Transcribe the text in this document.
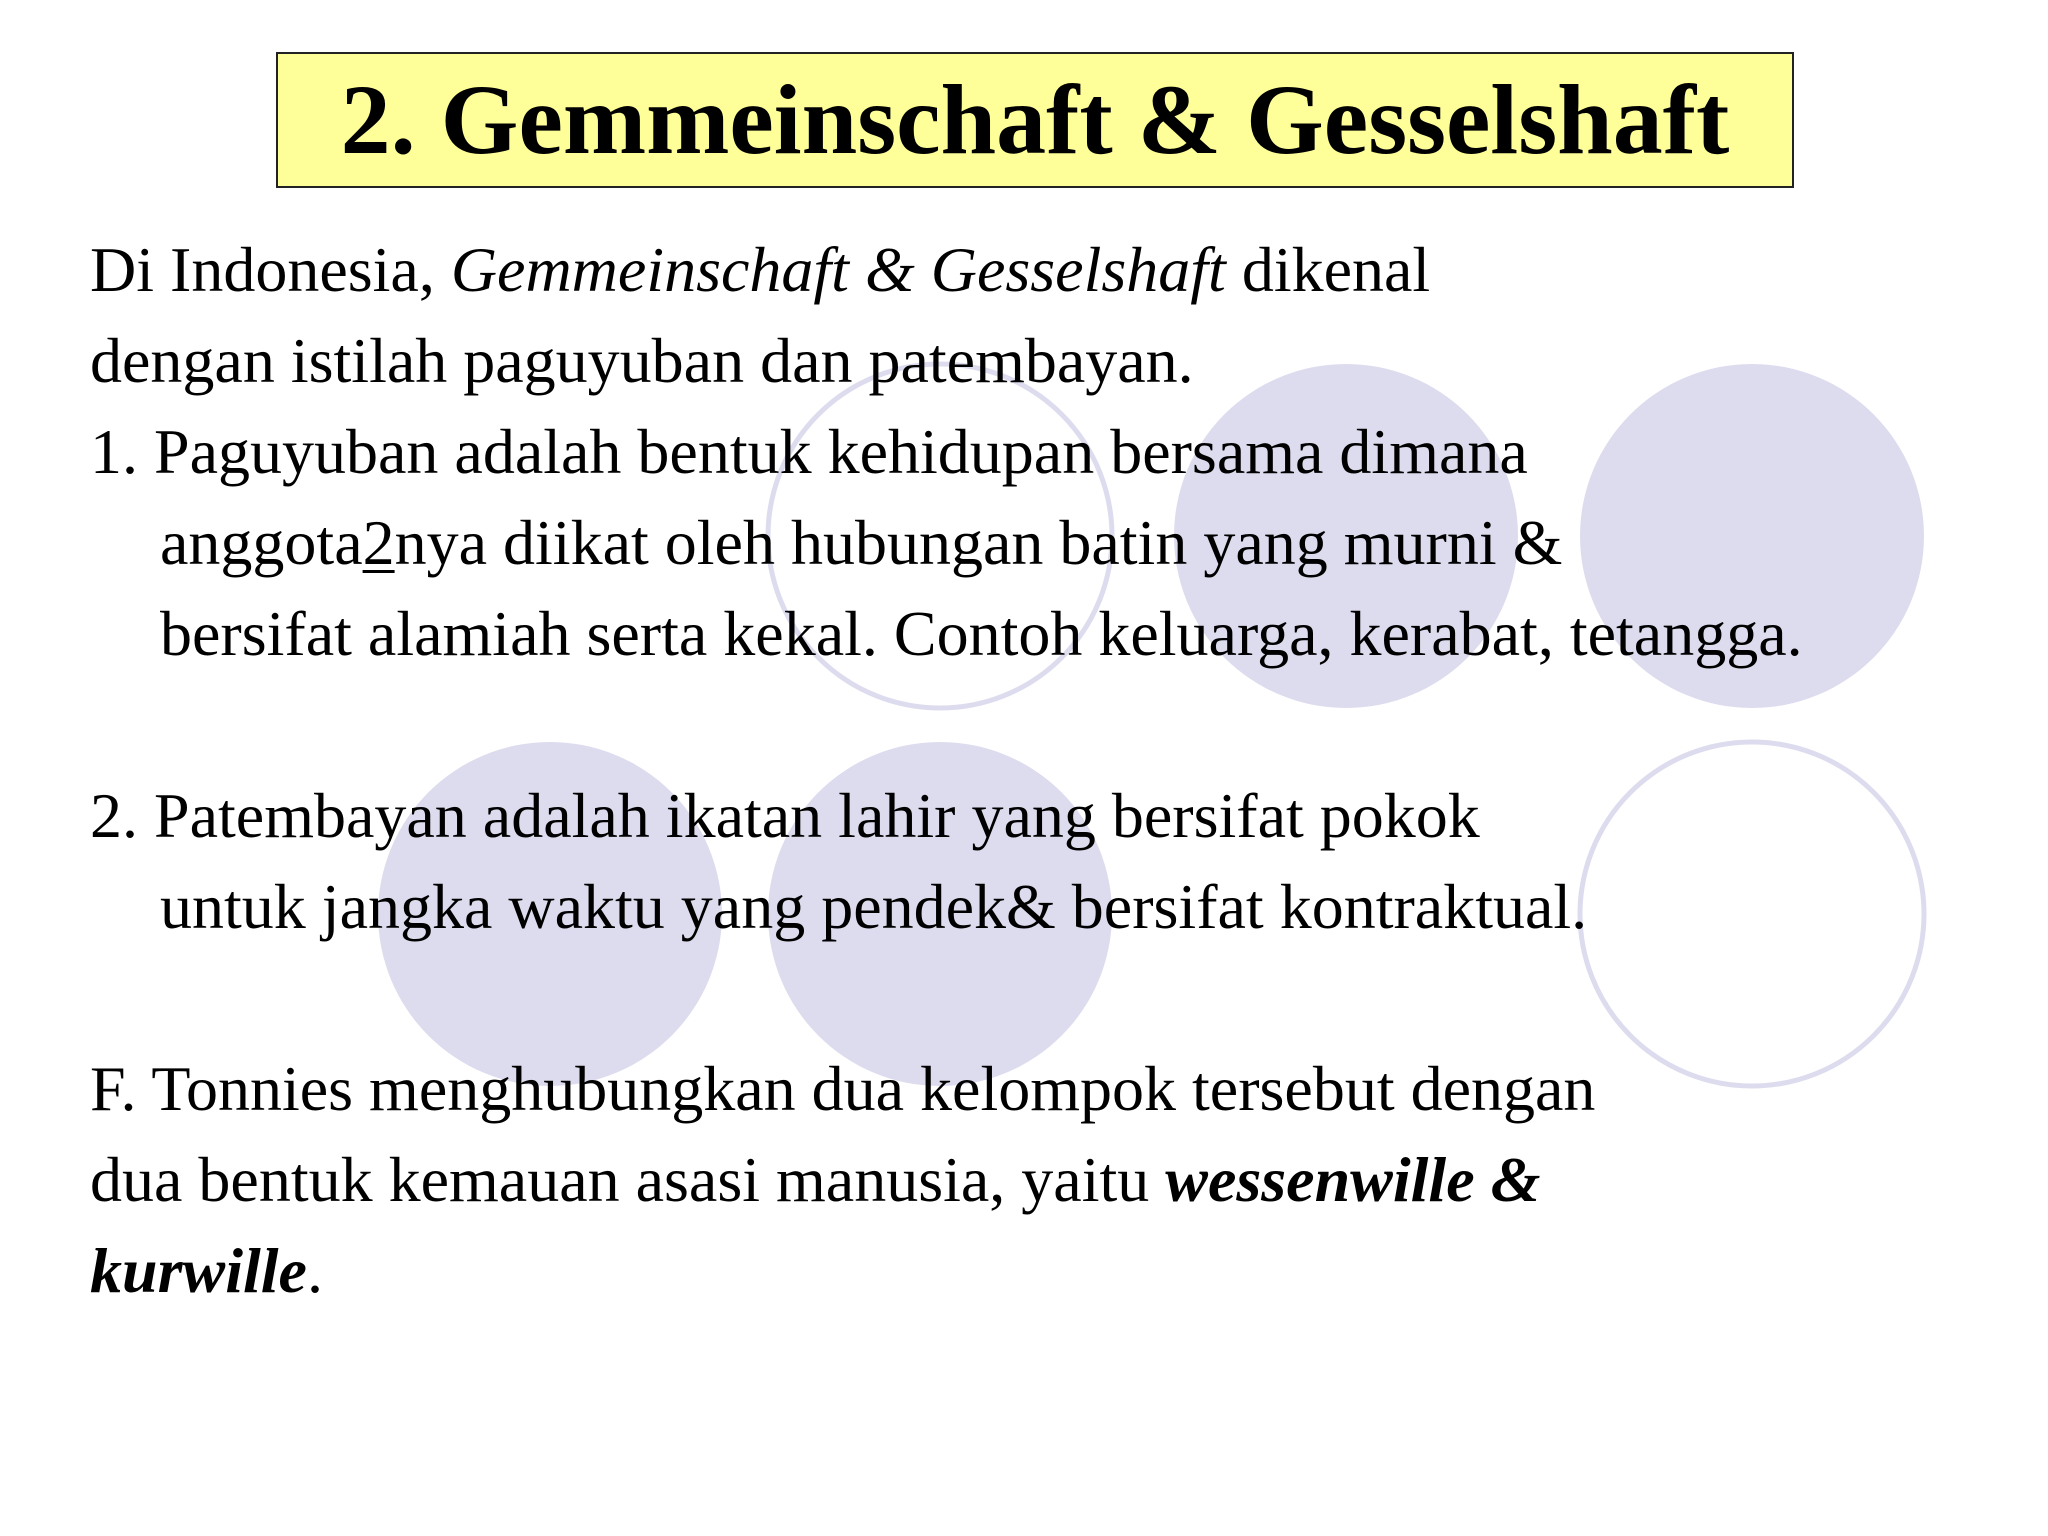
2. Gemmeinschaft & Gesselshaft
Di Indonesia, Gemmeinschaft & Gesselshaft dikenal
dengan istilah paguyuban dan patembayan.
1. Paguyuban adalah bentuk kehidupan bersama dimana
anggota2nya diikat oleh hubungan batin yang murni &
bersifat alamiah serta kekal. Contoh keluarga, kerabat, tetangga.
2. Patembayan adalah ikatan lahir yang bersifat pokok
untuk jangka waktu yang pendek& bersifat kontraktual.
F. Tonnies menghubungkan dua kelompok tersebut dengan
dua bentuk kemauan asasi manusia, yaitu wessenwille &
kurwille.
